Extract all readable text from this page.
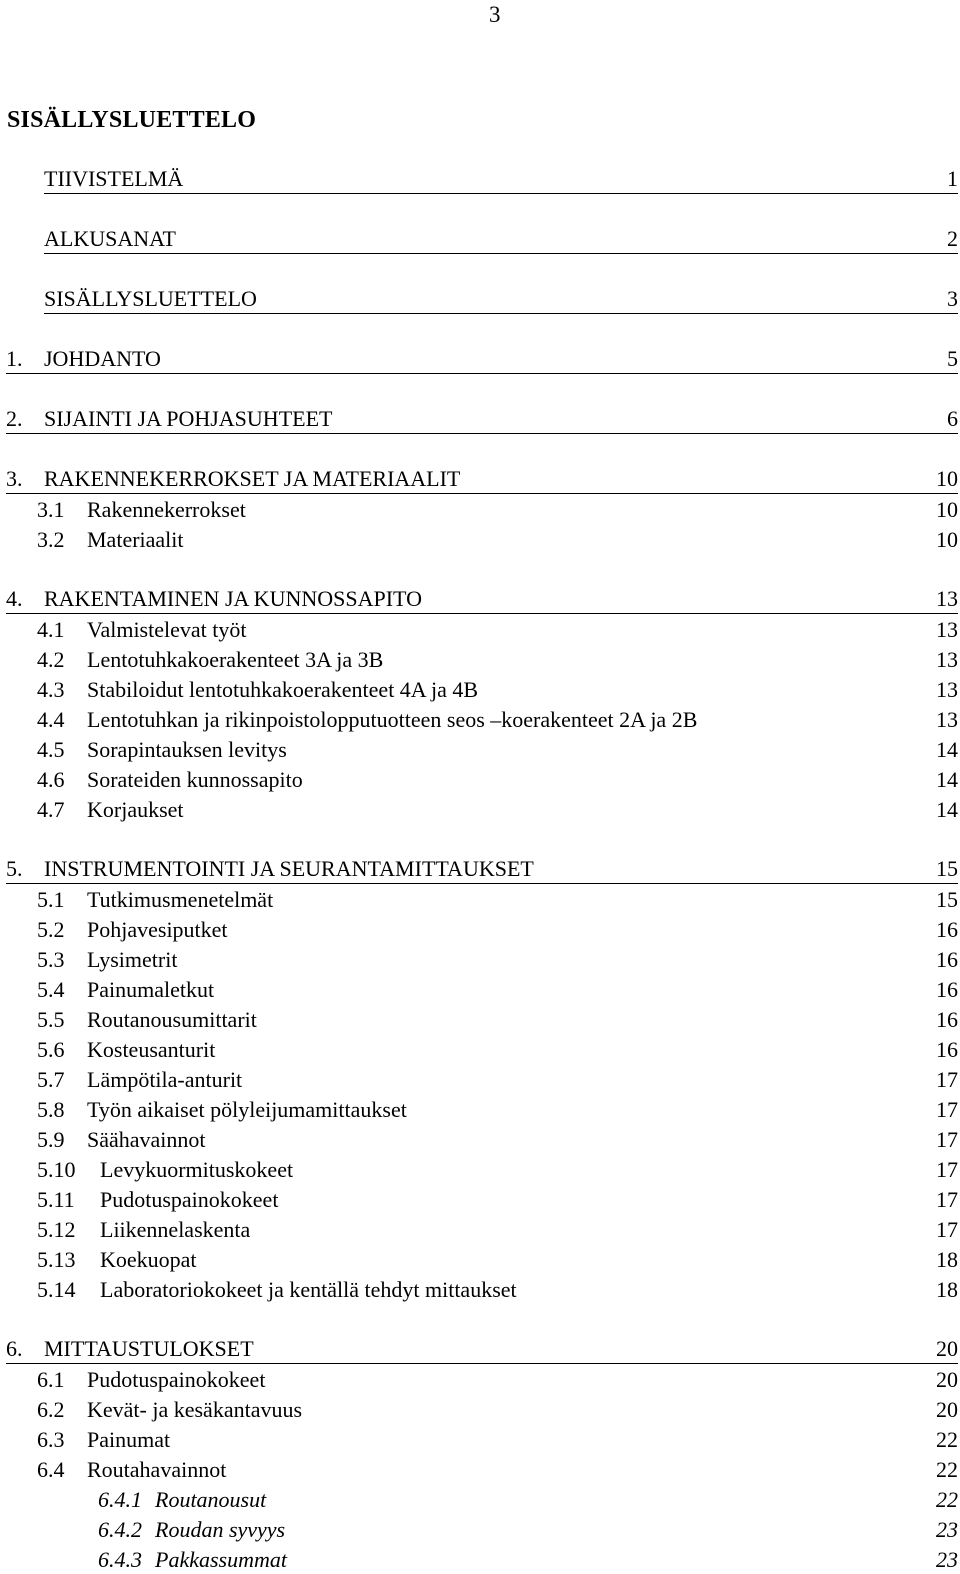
3
SISÄLLYSLUETTELO
TIIVISTELMÄ	1
ALKUSANAT	2
SISÄLLYSLUETTELO	3
1. JOHDANTO	5
2. SIJAINTI JA POHJASUHTEET	6
3. RAKENNEKERROKSET JA MATERIAALIT	10
3.1	Rakennekerrokset	10
3.2	Materiaalit	10
4. RAKENTAMINEN JA KUNNOSSAPITO	13
4.1	Valmistelevat työt	13
4.2	Lentotuhkakoerakenteet 3A ja 3B	13
4.3	Stabiloidut lentotuhkakoerakenteet 4A ja 4B	13
4.4	Lentotuhkan ja rikinpoistolopputuotteen seos –koerakenteet 2A ja 2B	13
4.5	Sorapintauksen levitys	14
4.6	Sorateiden kunnossapito	14
4.7	Korjaukset	14
5. INSTRUMENTOINTI JA SEURANTAMITTAUKSET	15
5.1	Tutkimusmenetelmät	15
5.2	Pohjavesiputket	16
5.3	Lysimetrit	16
5.4	Painumaletkut	16
5.5	Routanousumittarit	16
5.6	Kosteusanturit	16
5.7	Lämpötila-anturit	17
5.8	Työn aikaiset pölyleijumamittaukset	17
5.9	Säähavainnot	17
5.10	Levykuormituskokeet	17
5.11	Pudotuspainokokeet	17
5.12	Liikennelaskenta	17
5.13	Koekuopat	18
5.14	Laboratoriokokeet ja kentällä tehdyt mittaukset	18
6. MITTAUSTULOKSET	20
6.1	Pudotuspainokokeet	20
6.2	Kevät- ja kesäkantavuus	20
6.3	Painumat	22
6.4	Routahavainnot	22
6.4.1 Routanousut	22
6.4.2 Roudan syvyys	23
6.4.3 Pakkassummat	23
